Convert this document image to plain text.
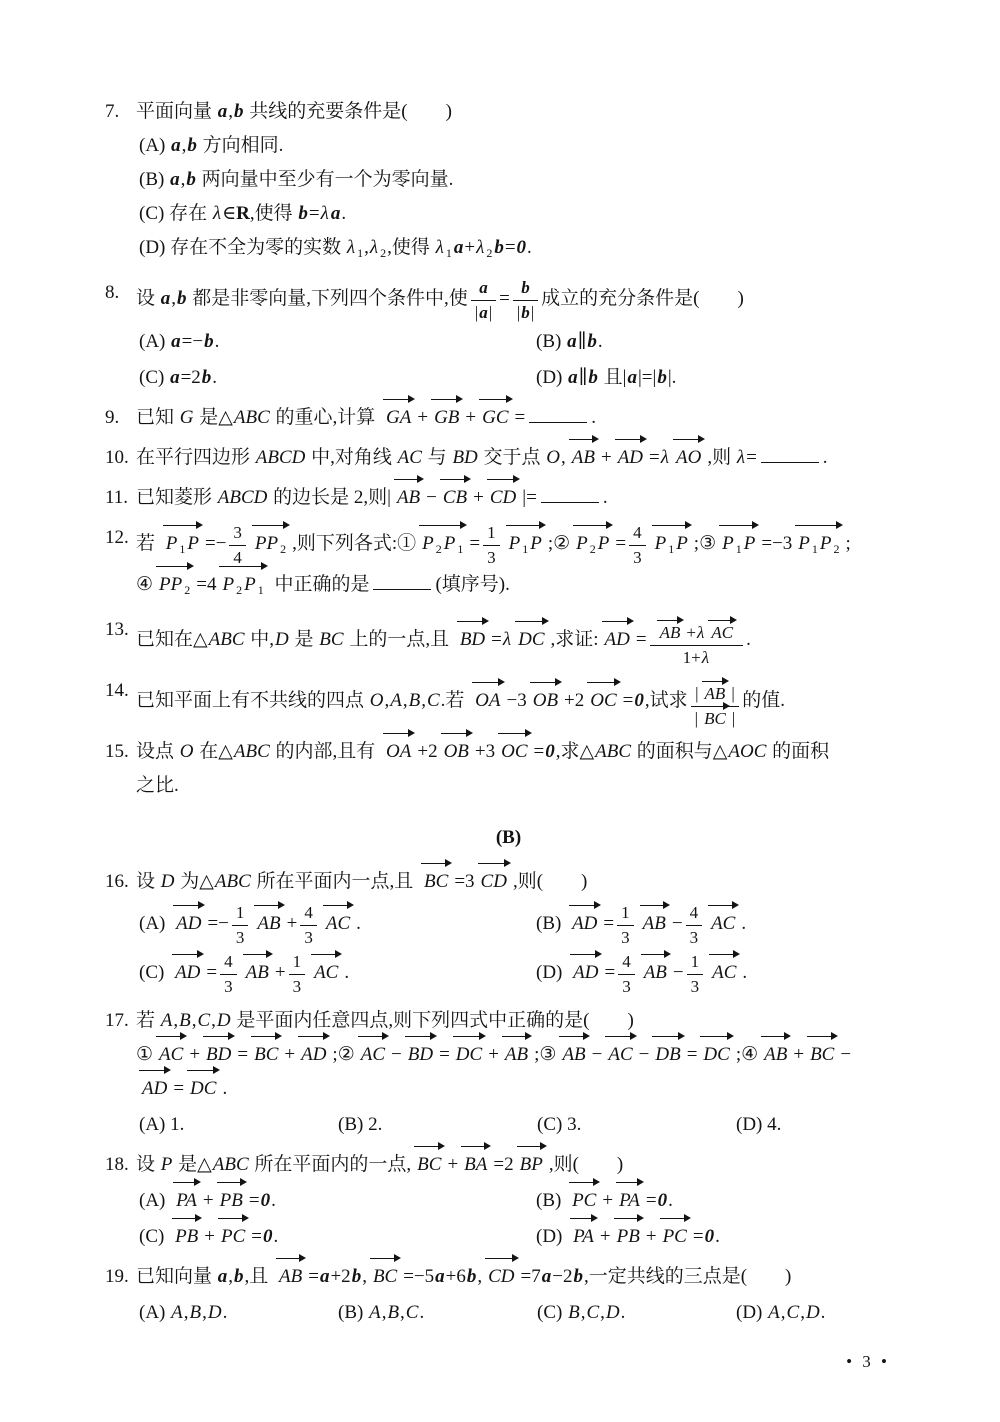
7. 平面向量 a,b 共线的充要条件是(        )
(A) a,b 方向相同.
(B) a,b 两向量中至少有一个为零向量.
(C) 存在 λ∈R,使得 b=λ a.
(D) 存在不全为零的实数 λ $_1$,λ $_2$,使得 λ $_1$ a+λ $_2$ b=0.
8. 设 a,b 都是非零向量,下列四个条件中,使 $\frac{a}{|a|} = \frac{b}{|b|}$ 成立的充分条件是(        )
(A) a=−b.	(B) a∥b.
(C) a=2b.	(D) a∥b 且|a|=|b|.
9. 已知 G 是△ABC 的重心,计算 GA + GB + GC =	.
10. 在平行四边形 ABCD 中,对角线 AC 与 BD 交于点 O, AB + AD =λ AO ,则 λ=	.
11. 已知菱形 ABCD 的边长是 2,则| AB − CB + CD |=	.
12. 若 P $_1$ $P =- \frac{3}{4}$ PP $_2$ ,则下列各式:① P $_2$ P $_1 = \frac{1}{3}$ P $_1$ P ;② P $_2$ $P = \frac{4}{3}$ P $_1$ P ;③ P $_1$ P =−3 P $_1$ P $_2$ ;
④ PP $_2$ =4 P $_2$ P $_1$ 中正确的是	(填序号).
13. 已知在△ABC 中,D 是 BC 上的一点,且 BD =λ DC ,求证: AD = $\frac{\text{AB +λ AC}}{1+\lambda}$ .
14. 已知平面上有不共线的四点 O,A,B,C.若 OA −3 OB +2 OC =0,试求 $\frac{| AB |}{| BC |}$ 的值.
15. 设点 O 在△ABC 的内部,且有 OA +2 OB +3 OC =0,求△ABC 的面积与△AOC 的面积
之比.
(B)
16. 设 D 为△ABC 所在平面内一点,且 BC =3 CD ,则(        )
(A) AD =− $\frac{1}{3}$ AB + $\frac{4}{3}$ AC .	(B) AD = $\frac{1}{3}$ AB − $\frac{4}{3}$ AC .
(C) AD = $\frac{4}{3}$ AB + $\frac{1}{3}$ AC .	(D) AD = $\frac{4}{3}$ AB − $\frac{1}{3}$ AC .
17. 若 A,B,C,D 是平面内任意四点,则下列四式中正确的是(        )
① AC + BD = BC + AD ;② AC − BD = DC + AB ;③ AB − AC − DB = DC ;④ AB + BC −
AD = DC .
(A) 1.	(B) 2.	(C) 3.	(D) 4.
18. 设 P 是△ABC 所在平面内的一点, BC + BA =2 BP ,则(        )
(A) PA + PB =0.	(B) PC + PA =0.
(C) PB + PC =0.	(D) PA + PB + PC =0.
19. 已知向量 a,b,且 AB =a+2b, BC =−5a+6b, CD =7a−2b,一定共线的三点是(        )
(A) A,B,D.	(B) A,B,C.	(C) B,C,D.	(D) A,C,D.
• 3 •
